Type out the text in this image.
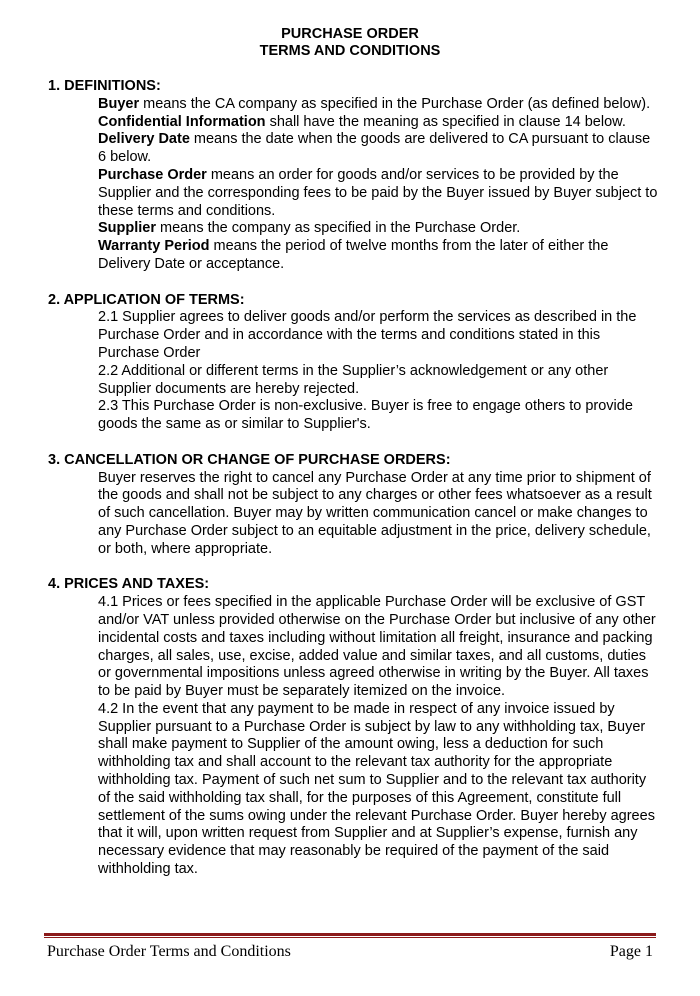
PURCHASE ORDER
TERMS AND CONDITIONS

1. DEFINITIONS:

Buyer means the CA company as specified in the Purchase Order (as defined below).

Confidential Information shall have the meaning as specified in clause 14 below.

Delivery Date means the date when the goods are delivered to CA pursuant to clause 6 below.

Purchase Order means an order for goods and/or services to be provided by the Supplier and the corresponding fees to be paid by the Buyer issued by Buyer subject to these terms and conditions.

Supplier means the company as specified in the Purchase Order.

Warranty Period means the period of twelve months from the later of either the Delivery Date or acceptance.

2. APPLICATION OF TERMS:

2.1 Supplier agrees to deliver goods and/or perform the services as described in the Purchase Order and in accordance with the terms and conditions stated in this Purchase Order

2.2 Additional or different terms in the Supplier’s acknowledgement or any other Supplier documents are hereby rejected.

2.3 This Purchase Order is non-exclusive. Buyer is free to engage others to provide goods the same as or similar to Supplier's.

3. CANCELLATION OR CHANGE OF PURCHASE ORDERS:

Buyer reserves the right to cancel any Purchase Order at any time prior to shipment of the goods and shall not be subject to any charges or other fees whatsoever as a result of such cancellation. Buyer may by written communication cancel or make changes to any Purchase Order subject to an equitable adjustment in the price, delivery schedule, or both, where appropriate.

4. PRICES AND TAXES:

4.1 Prices or fees specified in the applicable Purchase Order will be exclusive of GST and/or VAT unless provided otherwise on the Purchase Order but inclusive of any other incidental costs and taxes including without limitation all freight, insurance and packing charges, all sales, use, excise, added value and similar taxes, and all customs, duties or governmental impositions unless agreed otherwise in writing by the Buyer. All taxes to be paid by Buyer must be separately itemized on the invoice.

4.2 In the event that any payment to be made in respect of any invoice issued by Supplier pursuant to a Purchase Order is subject by law to any withholding tax, Buyer shall make payment to Supplier of the amount owing, less a deduction for such withholding tax and shall account to the relevant tax authority for the appropriate withholding tax. Payment of such net sum to Supplier and to the relevant tax authority of the said withholding tax shall, for the purposes of this Agreement, constitute full settlement of the sums owing under the relevant Purchase Order. Buyer hereby agrees that it will, upon written request from Supplier and at Supplier’s expense, furnish any necessary evidence that may reasonably be required of the payment of the said withholding tax.

Purchase Order Terms and Conditions	Page 1
